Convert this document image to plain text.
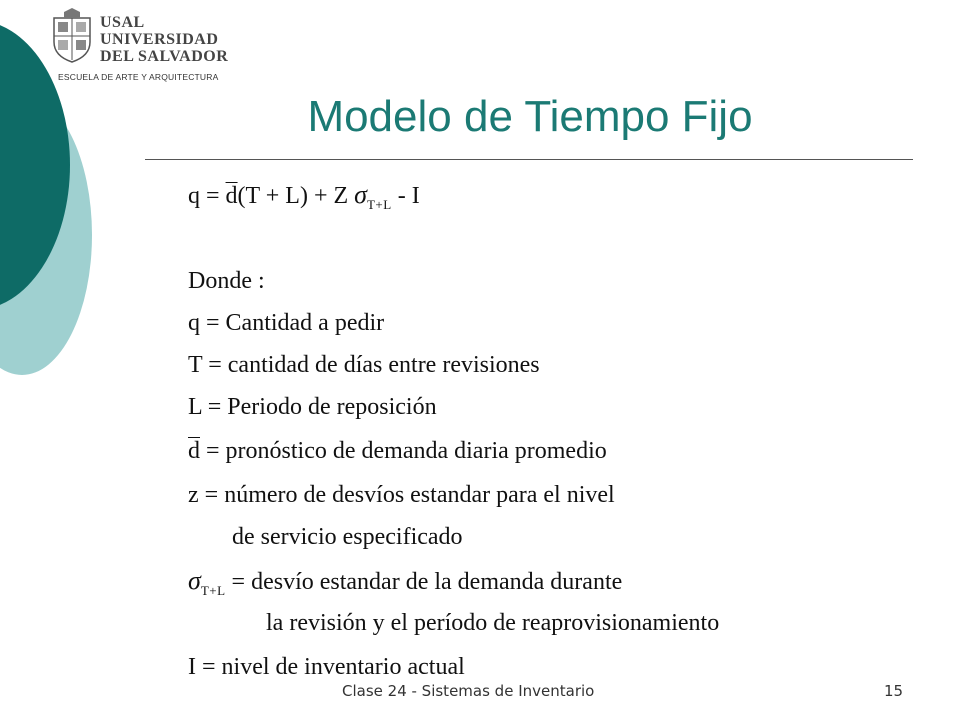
USAL
UNIVERSIDAD
DEL SALVADOR
ESCUELA DE ARTE Y ARQUITECTURA
Modelo de Tiempo Fijo
$q = \overline{d}(T + L) + Z$ $\sigma_{T+L}$ - I
Donde :
q = Cantidad a pedir
T = cantidad de días entre revisiones
L = Periodo de reposición
$\overline{d}$ = pronóstico de demanda diaria promedio
z = número de desvíos estandar para el nivel
de servicio especificado
$\sigma_{T+L}$ = desvío estandar de la demanda durante
la revisión y el período de reaprovisionamiento
I = nivel de inventario actual
Clase 24 - Sistemas de Inventario	15
